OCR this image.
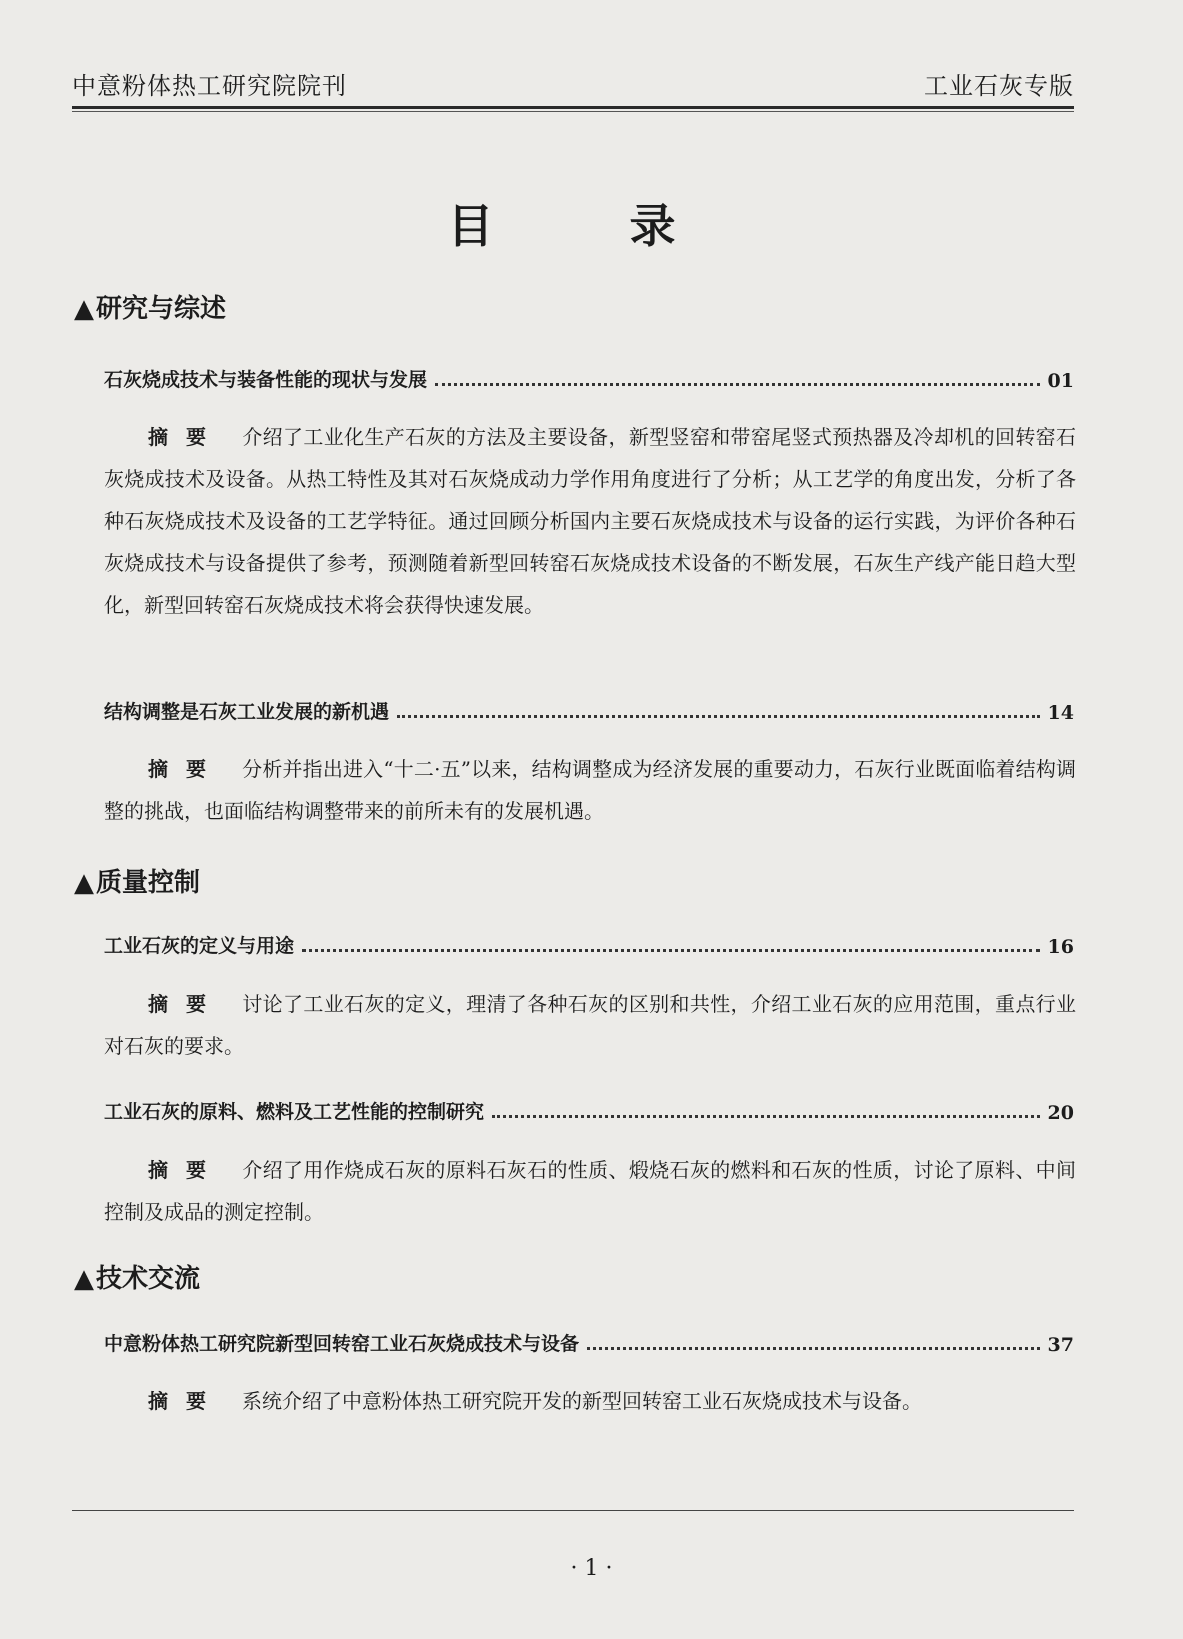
中意粉体热工研究院院刊	工业石灰专版
目 录
▲研究与综述
石灰烧成技术与装备性能的现状与发展	01
摘要 介绍了工业化生产石灰的方法及主要设备，新型竖窑和带窑尾竖式预热器及冷却机的回转窑石灰烧成技术及设备。从热工特性及其对石灰烧成动力学作用角度进行了分析；从工艺学的角度出发，分析了各种石灰烧成技术及设备的工艺学特征。通过回顾分析国内主要石灰烧成技术与设备的运行实践，为评价各种石灰烧成技术与设备提供了参考，预测随着新型回转窑石灰烧成技术设备的不断发展，石灰生产线产能日趋大型化，新型回转窑石灰烧成技术将会获得快速发展。
结构调整是石灰工业发展的新机遇	14
摘要 分析并指出进入“十二·五”以来，结构调整成为经济发展的重要动力，石灰行业既面临着结构调整的挑战，也面临结构调整带来的前所未有的发展机遇。
▲质量控制
工业石灰的定义与用途	16
摘要 讨论了工业石灰的定义，理清了各种石灰的区别和共性，介绍工业石灰的应用范围，重点行业对石灰的要求。
工业石灰的原料、燃料及工艺性能的控制研究	20
摘要 介绍了用作烧成石灰的原料石灰石的性质、煅烧石灰的燃料和石灰的性质，讨论了原料、中间控制及成品的测定控制。
▲技术交流
中意粉体热工研究院新型回转窑工业石灰烧成技术与设备	37
摘要 系统介绍了中意粉体热工研究院开发的新型回转窑工业石灰烧成技术与设备。
· 1 ·
